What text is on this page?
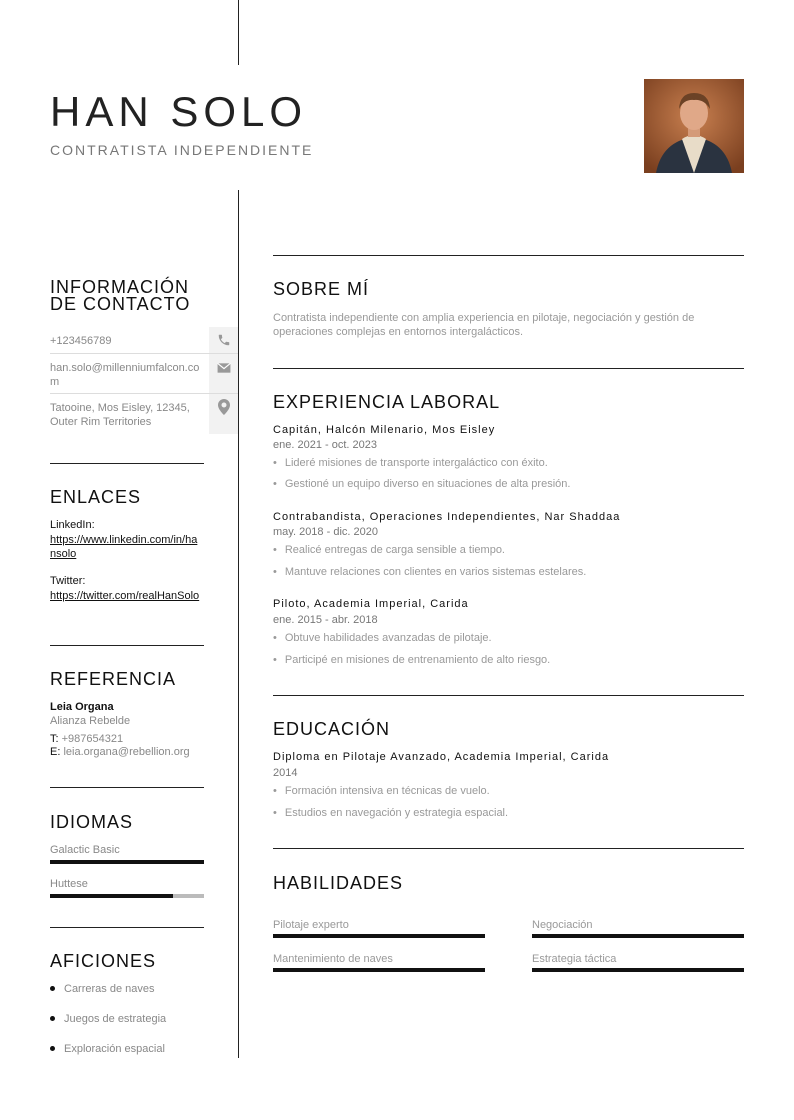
HAN SOLO
CONTRATISTA INDEPENDIENTE
INFORMACIÓN
DE CONTACTO
+123456789
han.solo@millenniumfalcon.com
Tatooine, Mos Eisley, 12345, Outer Rim Territories
ENLACES
LinkedIn:
https://www.linkedin.com/in/hansolo
Twitter:
https://twitter.com/realHanSolo
REFERENCIA
Leia Organa
Alianza Rebelde
T: +987654321
E: leia.organa@rebellion.org
IDIOMAS
Galactic Basic
Huttese
AFICIONES
Carreras de naves
Juegos de estrategia
Exploración espacial
SOBRE MÍ
Contratista independiente con amplia experiencia en pilotaje, negociación y gestión de operaciones complejas en entornos intergalácticos.
EXPERIENCIA LABORAL
Capitán, Halcón Milenario, Mos Eisley
ene. 2021 - oct. 2023
• Lideré misiones de transporte intergaláctico con éxito.
• Gestioné un equipo diverso en situaciones de alta presión.
Contrabandista, Operaciones Independientes, Nar Shaddaa
may. 2018 - dic. 2020
• Realicé entregas de carga sensible a tiempo.
• Mantuve relaciones con clientes en varios sistemas estelares.
Piloto, Academia Imperial, Carida
ene. 2015 - abr. 2018
• Obtuve habilidades avanzadas de pilotaje.
• Participé en misiones de entrenamiento de alto riesgo.
EDUCACIÓN
Diploma en Pilotaje Avanzado, Academia Imperial, Carida
2014
• Formación intensiva en técnicas de vuelo.
• Estudios en navegación y estrategia espacial.
HABILIDADES
Pilotaje experto	Negociación
Mantenimiento de naves	Estrategia táctica
